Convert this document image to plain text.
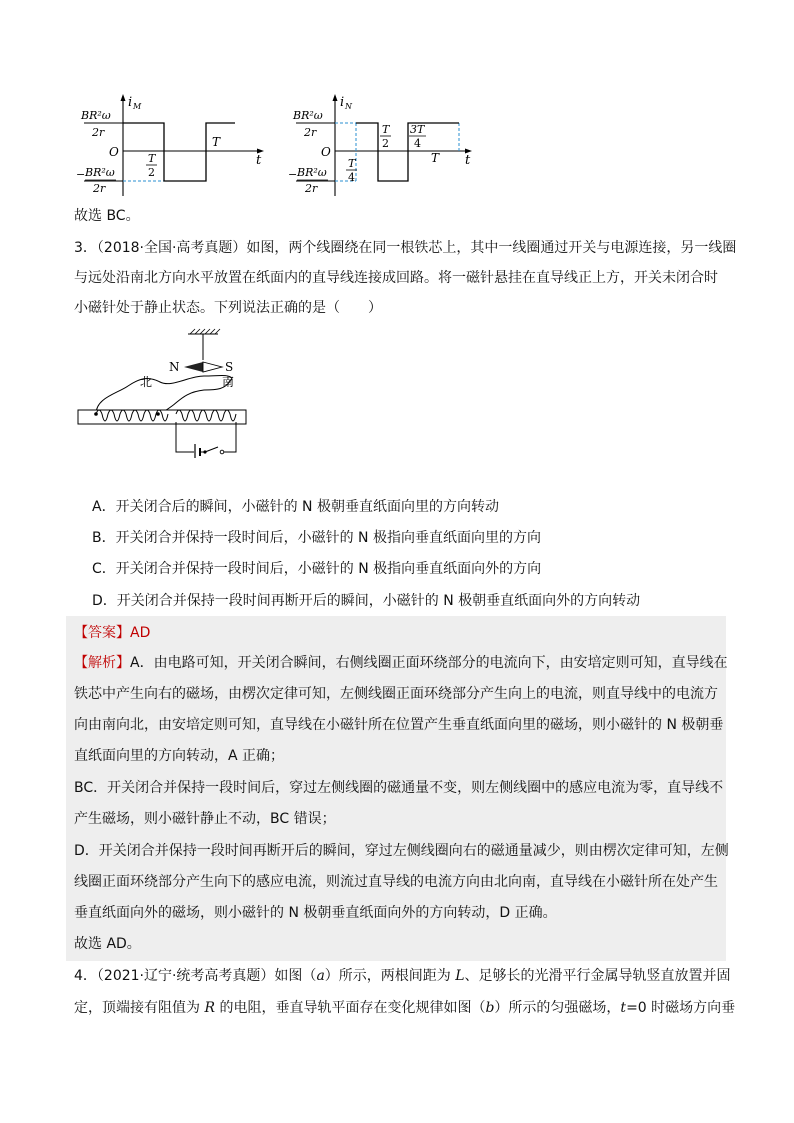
i M
BR²ω
2r
O
t
− BR²ω
2r
T
2
T
i N
BR²ω
2r
O
t
− BR²ω
2r
T
4
T
2
3T
4
T
故选 BC。
3．（2018·全国·高考真题）如图，两个线圈绕在同一根铁芯上，其中一线圈通过开关与电源连接，另一线圈
与远处沿南北方向水平放置在纸面内的直导线连接成回路。将一磁针悬挂在直导线正上方，开关未闭合时
小磁针处于静止状态。下列说法正确的是（　　）
N	S
北	南
A．开关闭合后的瞬间，小磁针的 N 极朝垂直纸面向里的方向转动
B．开关闭合并保持一段时间后，小磁针的 N 极指向垂直纸面向里的方向
C．开关闭合并保持一段时间后，小磁针的 N 极指向垂直纸面向外的方向
D．开关闭合并保持一段时间再断开后的瞬间，小磁针的 N 极朝垂直纸面向外的方向转动
【答案】AD
【解析】A．由电路可知，开关闭合瞬间，右侧线圈正面环绕部分的电流向下，由安培定则可知，直导线在
铁芯中产生向右的磁场，由楞次定律可知，左侧线圈正面环绕部分产生向上的电流，则直导线中的电流方
向由南向北，由安培定则可知，直导线在小磁针所在位置产生垂直纸面向里的磁场，则小磁针的 N 极朝垂
直纸面向里的方向转动，A 正确；
BC．开关闭合并保持一段时间后，穿过左侧线圈的磁通量不变，则左侧线圈中的感应电流为零，直导线不
产生磁场，则小磁针静止不动，BC 错误；
D．开关闭合并保持一段时间再断开后的瞬间，穿过左侧线圈向右的磁通量减少，则由楞次定律可知，左侧
线圈正面环绕部分产生向下的感应电流，则流过直导线的电流方向由北向南，直导线在小磁针所在处产生
垂直纸面向外的磁场，则小磁针的 N 极朝垂直纸面向外的方向转动，D 正确。
故选 AD。
4．（2021·辽宁·统考高考真题）如图（a）所示，两根间距为 L、足够长的光滑平行金属导轨竖直放置并固
定，顶端接有阻值为 R 的电阻，垂直导轨平面存在变化规律如图（b）所示的匀强磁场，t=0 时磁场方向垂
